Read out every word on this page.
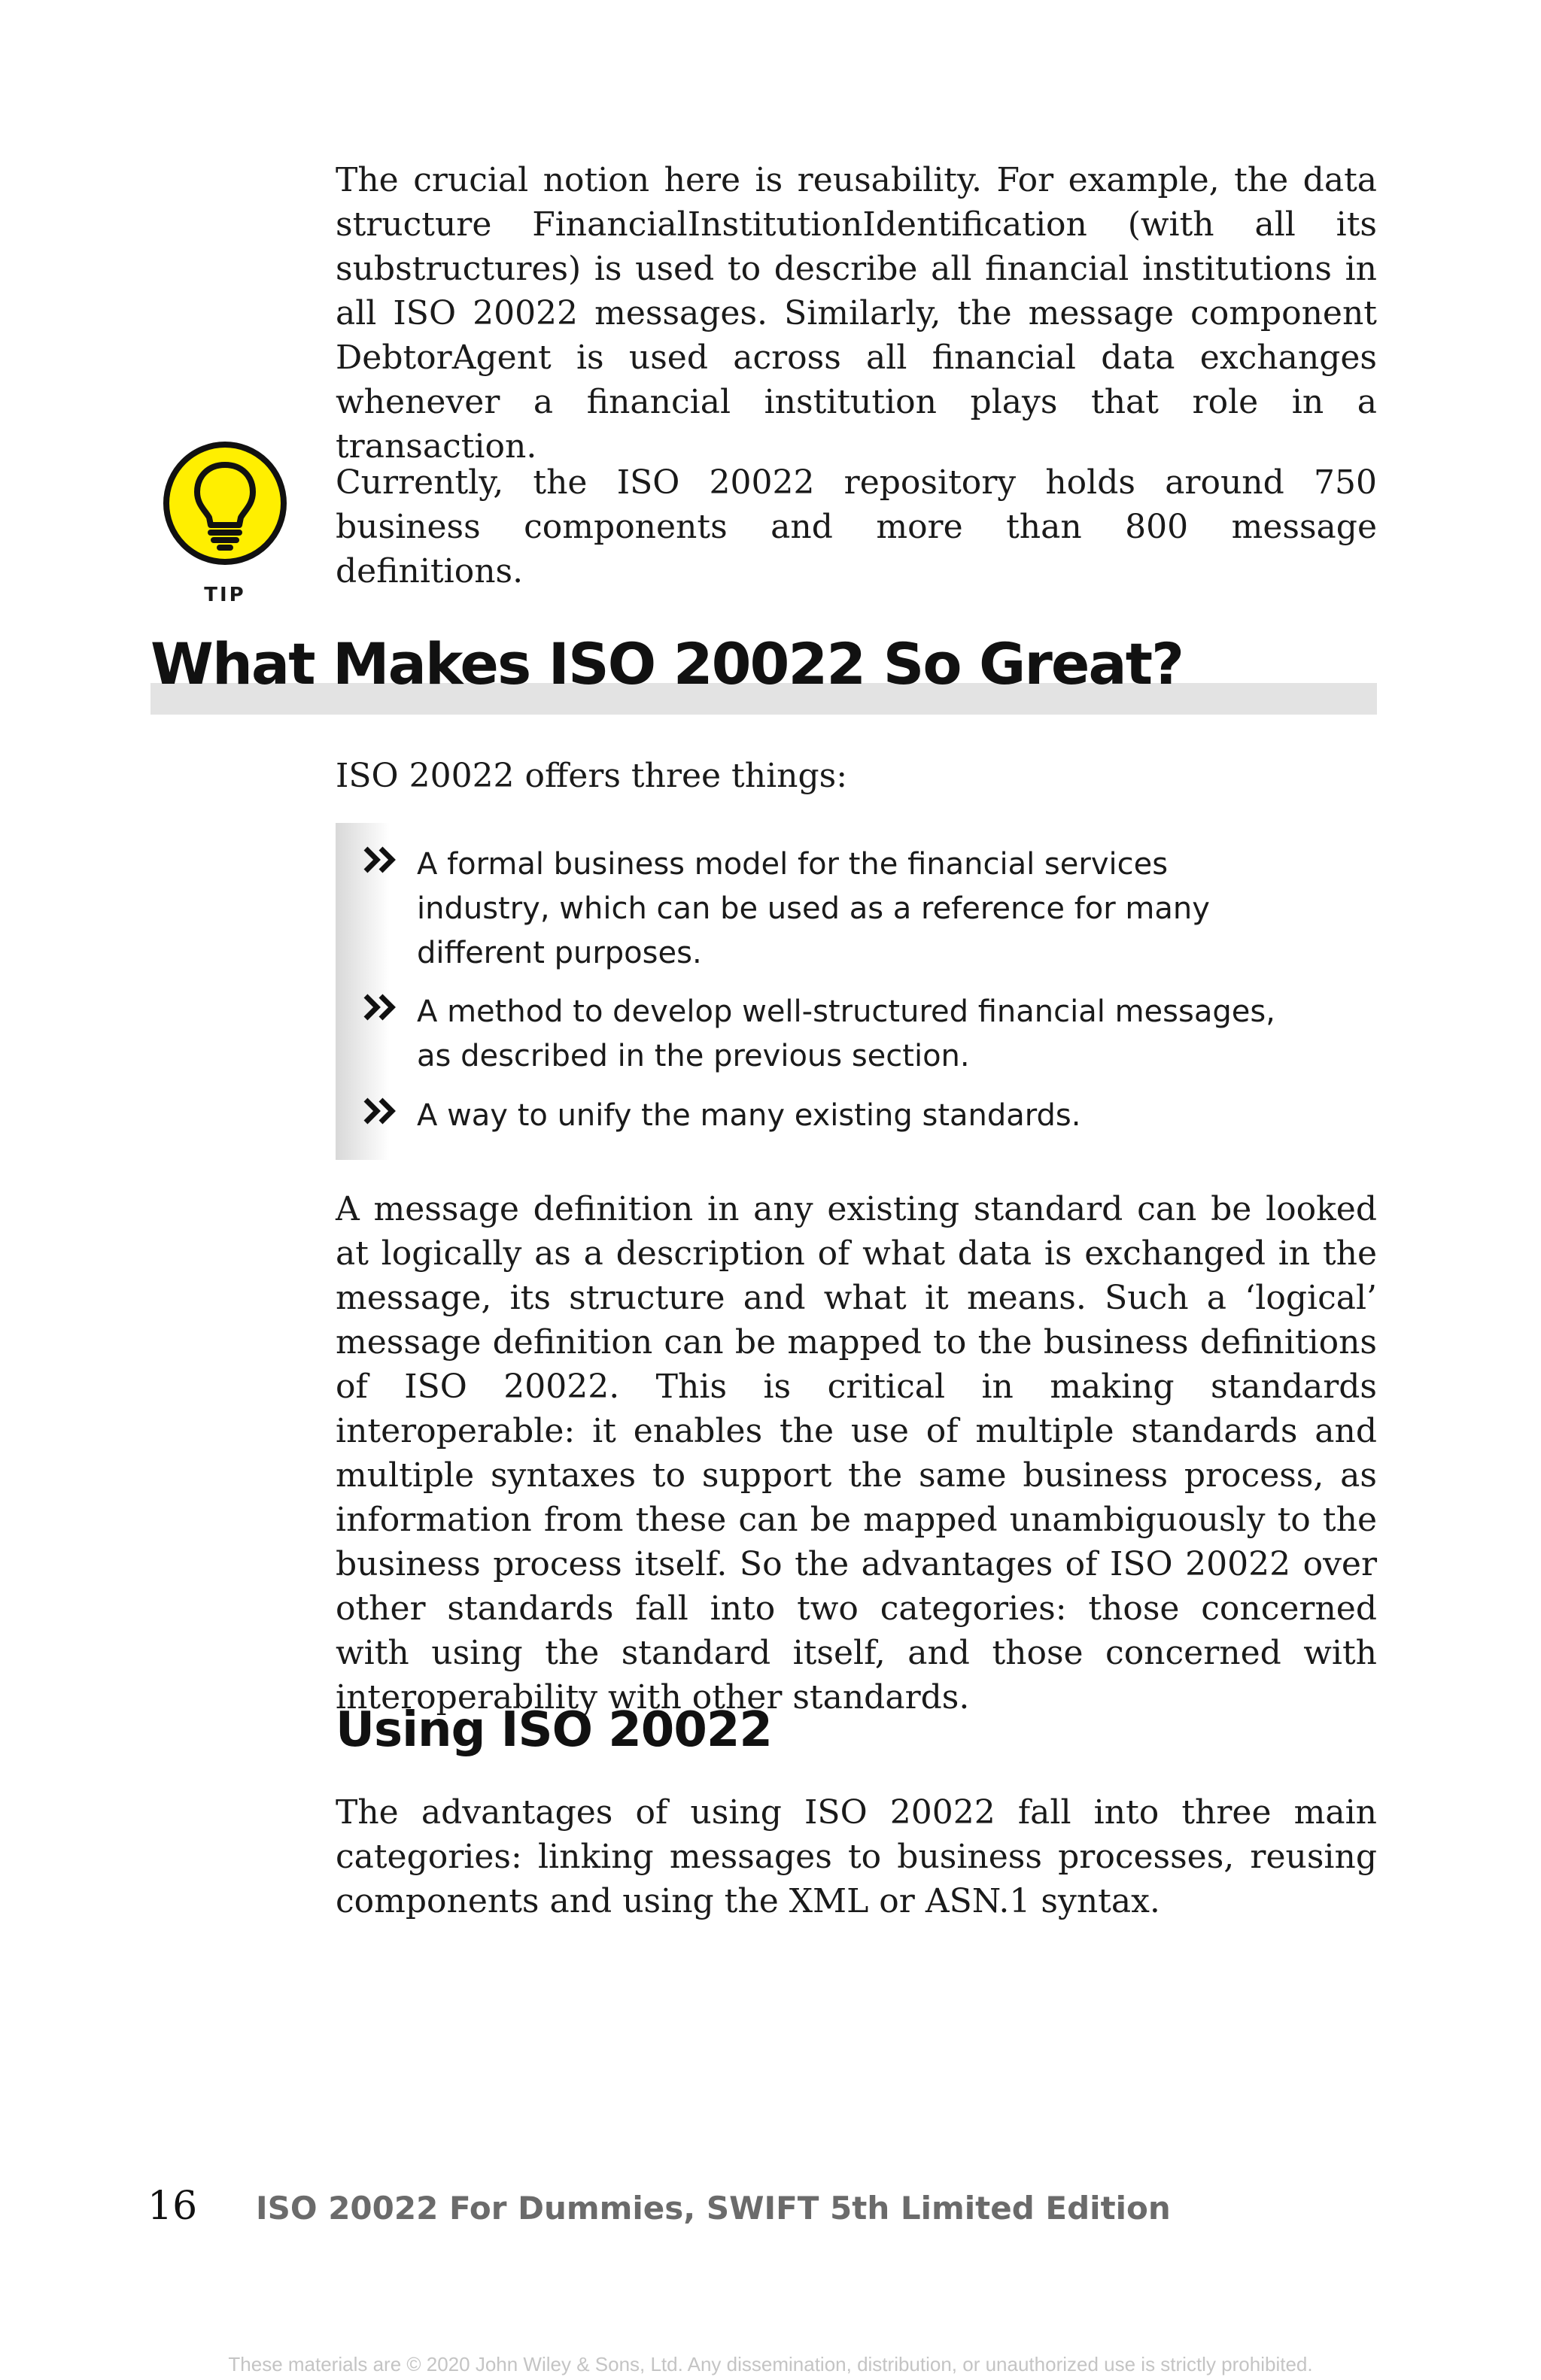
The crucial notion here is reusability. For example, the data structure FinancialInstitutionIdentification (with all its substructures) is used to describe all financial institutions in all ISO 20022 messages. Similarly, the message component DebtorAgent is used across all financial data exchanges whenever a financial institution plays that role in a transaction.

TIP

Currently, the ISO 20022 repository holds around 750 business components and more than 800 message definitions.

What Makes ISO 20022 So Great?

ISO 20022 offers three things:

A formal business model for the financial services industry, which can be used as a reference for many different purposes.

A method to develop well-structured financial messages, as described in the previous section.

A way to unify the many existing standards.

A message definition in any existing standard can be looked at logically as a description of what data is exchanged in the message, its structure and what it means. Such a ‘logical’ message definition can be mapped to the business definitions of ISO 20022. This is critical in making standards interoperable: it enables the use of multiple standards and multiple syntaxes to support the same business process, as information from these can be mapped unambiguously to the business process itself. So the advantages of ISO 20022 over other standards fall into two categories: those concerned with using the standard itself, and those concerned with interoperability with other standards.

Using ISO 20022

The advantages of using ISO 20022 fall into three main categories: linking messages to business processes, reusing components and using the XML or ASN.1 syntax.

16 ISO 20022 For Dummies, SWIFT 5th Limited Edition
These materials are © 2020 John Wiley & Sons, Ltd. Any dissemination, distribution, or unauthorized use is strictly prohibited.
